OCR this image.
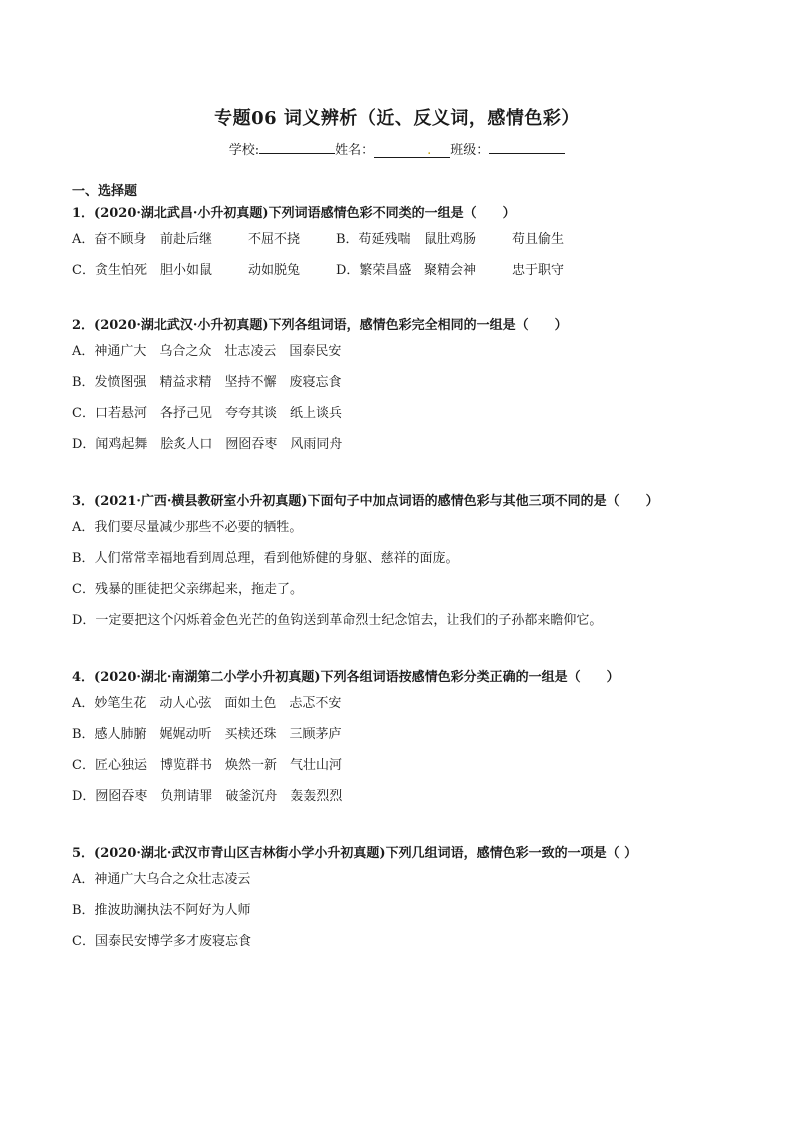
专题06 词义辨析（近、反义词，感情色彩）
学校:	姓名：	. 班级：
一、选择题
1．(2020·湖北武昌·小升初真题)下列词语感情色彩不同类的一组是（　　）
A．奋不顾身	前赴后继	不屈不挠	B．苟延残喘	鼠肚鸡肠	苟且偷生
C．贪生怕死	胆小如鼠	动如脱兔	D．繁荣昌盛 聚精会神	忠于职守
2．(2020·湖北武汉·小升初真题)下列各组词语，感情色彩完全相同的一组是（　　）
A．神通广大　乌合之众　壮志凌云　国泰民安
B．发愤图强　精益求精　坚持不懈　废寝忘食
C．口若悬河　各抒己见　夸夸其谈　纸上谈兵
D．闻鸡起舞　脍炙人口　囫囵吞枣　风雨同舟
3．(2021·广西·横县教研室小升初真题)下面句子中加点词语的感情色彩与其他三项不同的是（　　）
A．我们要尽量减少那些不必要的牺牲。
B．人们常常幸福地看到周总理，看到他矫健的身躯、慈祥的面庞。
C．残暴的匪徒把父亲绑起来，拖走了。
D．一定要把这个闪烁着金色光芒的鱼钩送到革命烈士纪念馆去，让我们的子孙都来瞻仰它。
4．(2020·湖北·南湖第二小学小升初真题)下列各组词语按感情色彩分类正确的一组是（　　）
A．妙笔生花　动人心弦　面如土色　忐忑不安
B．感人肺腑　娓娓动听　买椟还珠　三顾茅庐
C．匠心独运　博览群书　焕然一新　气壮山河
D．囫囵吞枣　负荆请罪　破釜沉舟　轰轰烈烈
5．(2020·湖北·武汉市青山区吉林街小学小升初真题)下列几组词语，感情色彩一致的一项是（ ）
A．神通广大乌合之众壮志凌云
B．推波助澜执法不阿好为人师
C．国泰民安博学多才废寝忘食
